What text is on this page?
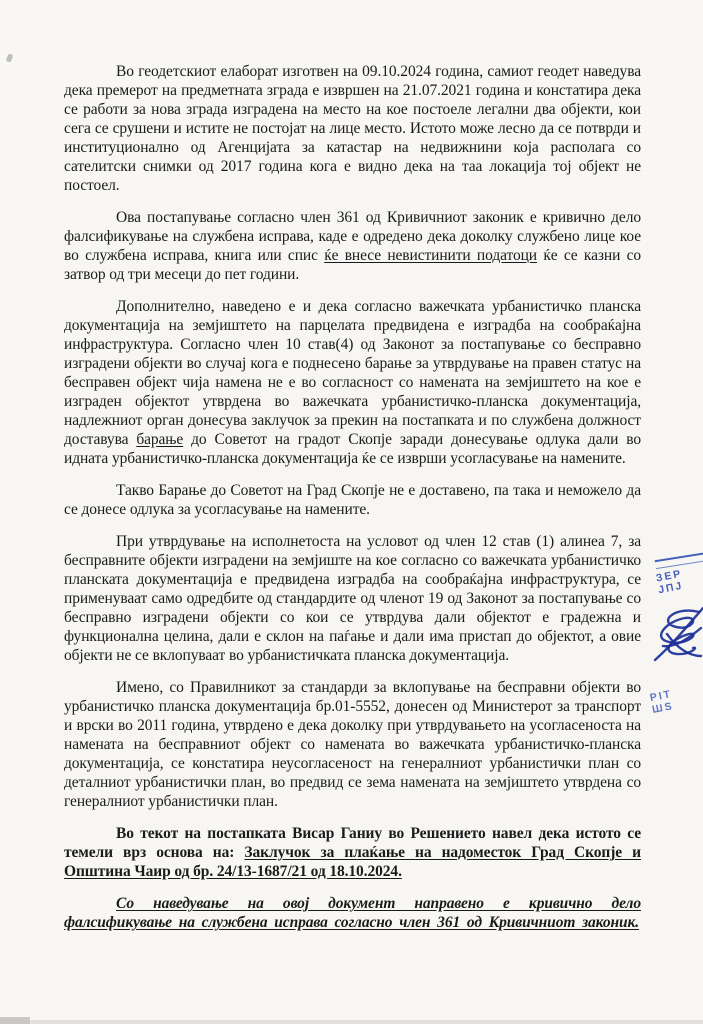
Во геодетскиот елаборат изготвен на 09.10.2024 година, самиот геодет наведува дека премерот на предметната зграда е извршен на 21.07.2021 година и констатира дека се работи за нова зграда изградена на место на кое постоеле легални два објекти, кои сега се срушени и истите не постојат на лице место. Истото може лесно да се потврди и институционално од Агенцијата за катастар на недвижнини која располага со сателитски снимки од 2017 година кога е видно дека на таа локација тој објект не постоел.

Ова постапување согласно член 361 од Кривичниот законик е кривично дело фалсификување на службена исправа, каде е одредено дека доколку службено лице кое во службена исправа, книга или спис ќе внесе невистинити податоци ќе се казни со затвор од три месеци до пет години.

Дополнително, наведено е и дека согласно важечката урбанистичко планска документација на земјиштето на парцелата предвидена е изградба на сообраќајна инфраструктура. Согласно член 10 став(4) од Законот за постапување со бесправно изградени објекти во случај кога е поднесено барање за утврдување на правен статус на бесправен објект чија намена не е во согласност со намената на земјиштето на кое е изграден објектот утврдена во важечката урбанистичко-планска документација, надлежниот орган донесува заклучок за прекин на постапката и по службена должност доставува барање до Советот на градот Скопје заради донесување одлука дали во идната урбанистичко-планска документација ќе се изврши усогласување на намените.

Такво Барање до Советот на Град Скопје не е доставено, па така и неможело да се донесе одлука за усогласување на намените.

При утврдување на исполнетоста на условот од член 12 став (1) алинеа 7, за бесправните објекти изградени на земјиште на кое согласно со важечката урбанистичко планската документација е предвидена изградба на сообраќајна инфраструктура, се применуваат само одредбите од стандардите од членот 19 од Законот за постапување со бесправно изградени објекти со кои се утврдува дали објектот е градежна и функционална целина, дали е склон на паѓање и дали има пристап до објектот, а овие објекти не се вклопуваат во урбанистичката планска документација.

Имено, со Правилникот за стандарди за вклопување на бесправни објекти во урбанистичко планска документација бр.01-5552, донесен од Министерот за транспорт и врски во 2011 година, утврдено е дека доколку при утврдувањето на усогласеноста на намената на бесправниот објект со намената во важечката урбанистичко-планска документација, се констатира неусогласеност на генералниот урбанистички план со деталниот урбанистички план, во предвид се зема намената на земјиштето утврдена со генералниот урбанистички план.

Во текот на постапката Висар Ганиу во Решението навел дека истото се темели врз основа на: Заклучок за плаќање на надоместок Град Скопје и Општина Чаир од бр. 24/13-1687/21 од 18.10.2024.

Со наведување на овој документ направено е кривично дело фалсификување на службена исправа согласно член 361 од Кривичниот законик.

ЗЕР
ЈПЈ
РІТ
ШЅ
